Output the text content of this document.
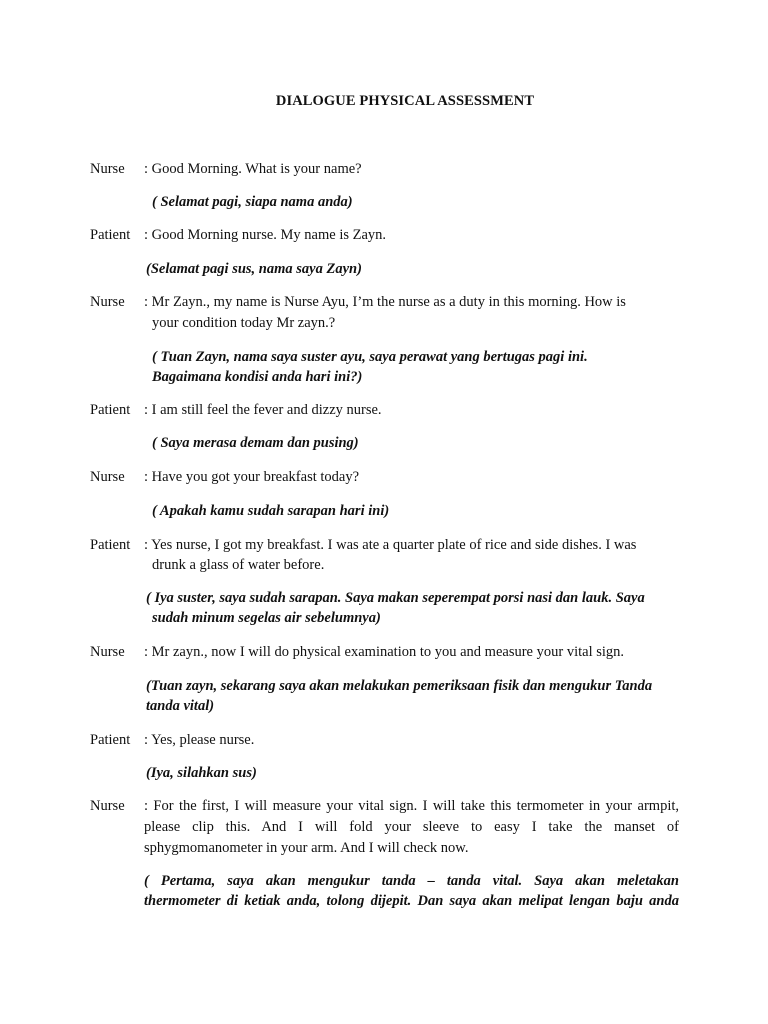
DIALOGUE PHYSICAL ASSESSMENT
Nurse : Good Morning. What is your name?
( Selamat pagi, siapa nama anda)
Patient : Good Morning nurse. My name is Zayn.
(Selamat pagi sus, nama saya Zayn)
Nurse : Mr Zayn., my name is Nurse Ayu, I’m the nurse as a duty in this morning. How is
your condition today Mr zayn.?
( Tuan Zayn, nama saya suster ayu, saya perawat yang bertugas pagi ini.
Bagaimana kondisi anda hari ini?)
Patient : I am still feel the fever and dizzy nurse.
( Saya merasa demam dan pusing)
Nurse : Have you got your breakfast today?
( Apakah kamu sudah sarapan hari ini)
Patient : Yes nurse, I got my breakfast. I was ate a quarter plate of rice and side dishes. I was
drunk a glass of water before.
( Iya suster, saya sudah sarapan. Saya makan seperempat porsi nasi dan lauk. Saya
sudah minum segelas air sebelumnya)
Nurse : Mr zayn., now I will do physical examination to you and measure your vital sign.
(Tuan zayn, sekarang saya akan melakukan pemeriksaan fisik dan mengukur Tanda
tanda vital)
Patient : Yes, please nurse.
(Iya, silahkan sus)
Nurse : For the first, I will measure your vital sign. I will take this termometer in your armpit,
please clip this. And I will fold your sleeve to easy I take the manset of
sphygmomanometer in your arm. And I will check now.
( Pertama, saya akan mengukur tanda – tanda vital. Saya akan meletakan
thermometer di ketiak anda, tolong dijepit. Dan saya akan melipat lengan baju anda
